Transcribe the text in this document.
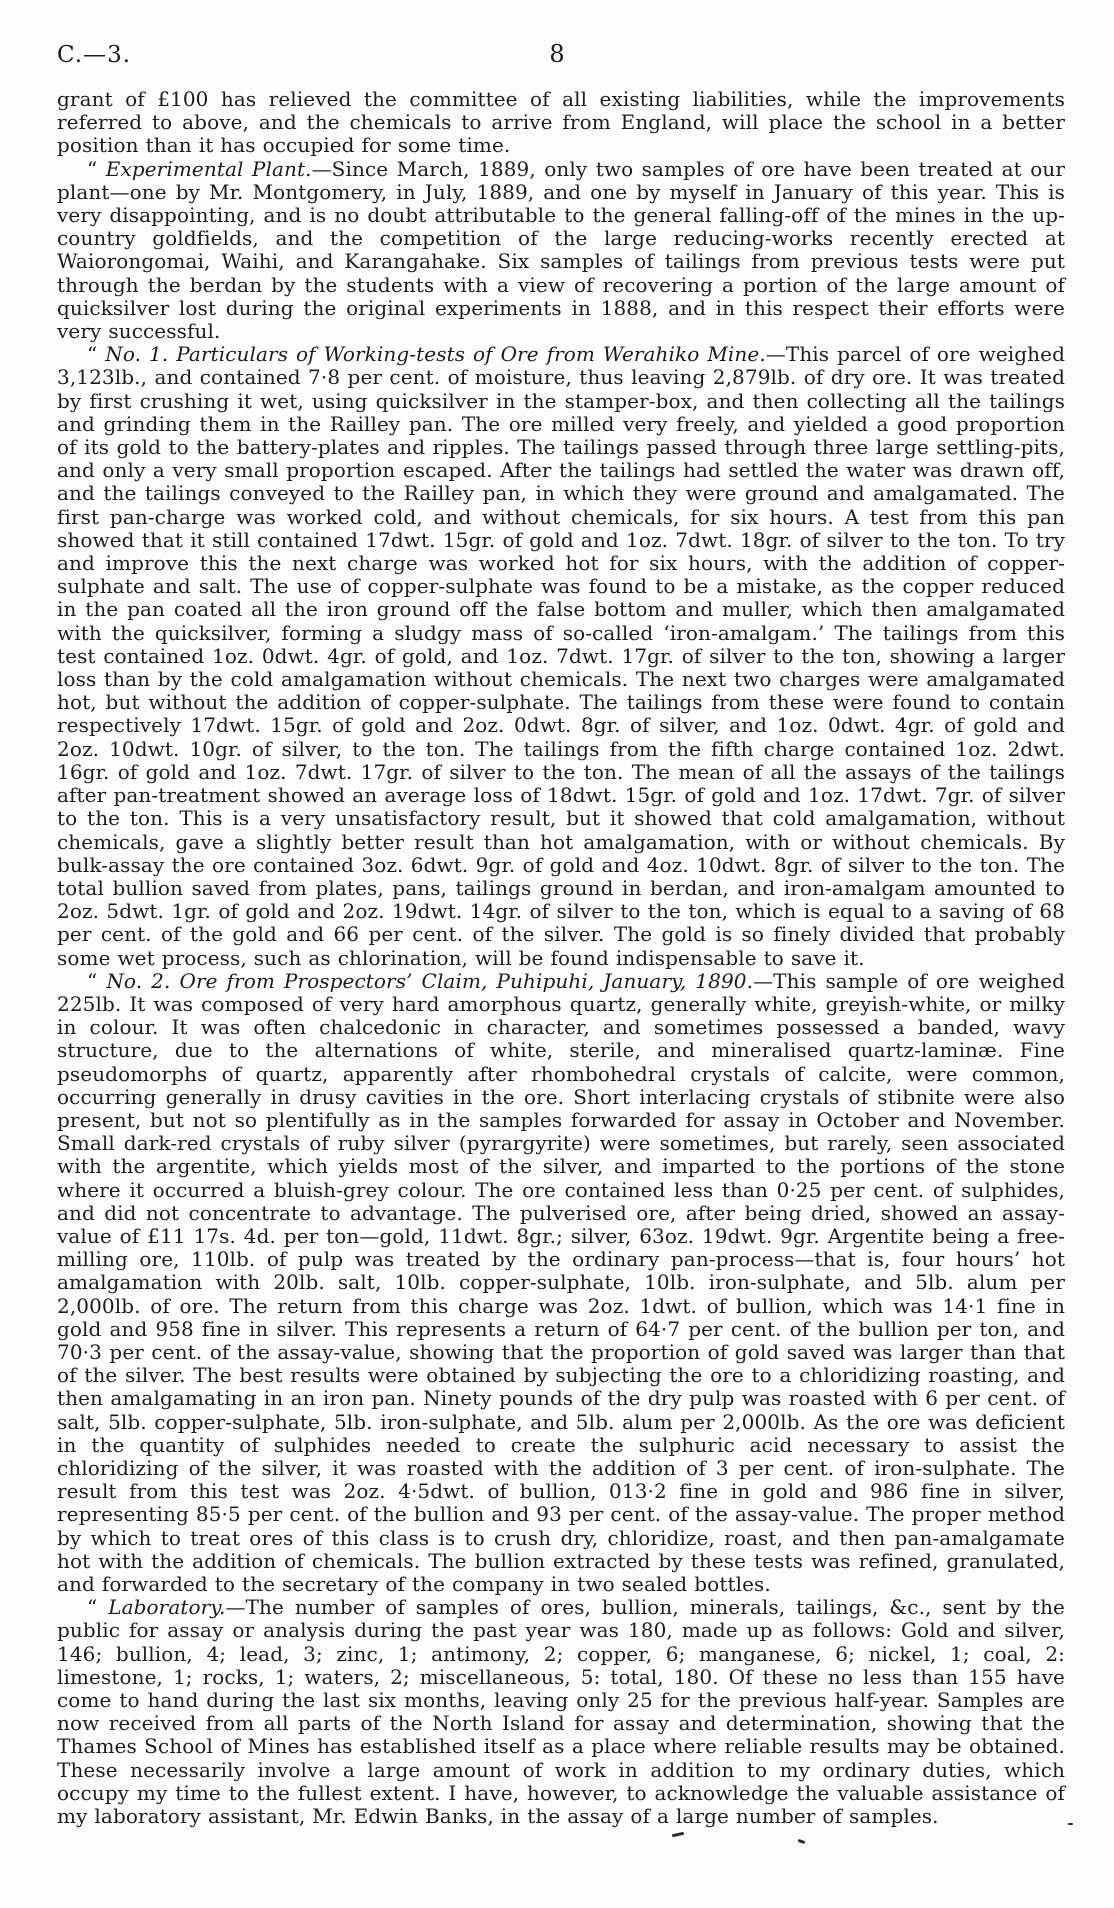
C.—3.	8

grant of £100 has relieved the committee of all existing liabilities, while the improvements referred to above, and the chemicals to arrive from England, will place the school in a better position than it has occupied for some time.

“ Experimental Plant.—Since March, 1889, only two samples of ore have been treated at our plant—one by Mr. Montgomery, in July, 1889, and one by myself in January of this year. This is very disappointing, and is no doubt attributable to the general falling-off of the mines in the up-country goldfields, and the competition of the large reducing-works recently erected at Waiorongomai, Waihi, and Karangahake. Six samples of tailings from previous tests were put through the berdan by the students with a view of recovering a portion of the large amount of quicksilver lost during the original experiments in 1888, and in this respect their efforts were very successful.

“ No. 1. Particulars of Working-tests of Ore from Werahiko Mine.—This parcel of ore weighed 3,123lb., and contained 7·8 per cent. of moisture, thus leaving 2,879lb. of dry ore. It was treated by first crushing it wet, using quicksilver in the stamper-box, and then collecting all the tailings and grinding them in the Railley pan. The ore milled very freely, and yielded a good proportion of its gold to the battery-plates and ripples. The tailings passed through three large settling-pits, and only a very small proportion escaped. After the tailings had settled the water was drawn off, and the tailings conveyed to the Railley pan, in which they were ground and amalgamated. The first pan-charge was worked cold, and without chemicals, for six hours. A test from this pan showed that it still contained 17dwt. 15gr. of gold and 1oz. 7dwt. 18gr. of silver to the ton. To try and improve this the next charge was worked hot for six hours, with the addition of copper-sulphate and salt. The use of copper-sulphate was found to be a mistake, as the copper reduced in the pan coated all the iron ground off the false bottom and muller, which then amalgamated with the quicksilver, forming a sludgy mass of so-called ‘iron-amalgam.’ The tailings from this test contained 1oz. 0dwt. 4gr. of gold, and 1oz. 7dwt. 17gr. of silver to the ton, showing a larger loss than by the cold amalgamation without chemicals. The next two charges were amalgamated hot, but without the addition of copper-sulphate. The tailings from these were found to contain respectively 17dwt. 15gr. of gold and 2oz. 0dwt. 8gr. of silver, and 1oz. 0dwt. 4gr. of gold and 2oz. 10dwt. 10gr. of silver, to the ton. The tailings from the fifth charge contained 1oz. 2dwt. 16gr. of gold and 1oz. 7dwt. 17gr. of silver to the ton. The mean of all the assays of the tailings after pan-treatment showed an average loss of 18dwt. 15gr. of gold and 1oz. 17dwt. 7gr. of silver to the ton. This is a very unsatisfactory result, but it showed that cold amalgamation, without chemicals, gave a slightly better result than hot amalgamation, with or without chemicals. By bulk-assay the ore contained 3oz. 6dwt. 9gr. of gold and 4oz. 10dwt. 8gr. of silver to the ton. The total bullion saved from plates, pans, tailings ground in berdan, and iron-amalgam amounted to 2oz. 5dwt. 1gr. of gold and 2oz. 19dwt. 14gr. of silver to the ton, which is equal to a saving of 68 per cent. of the gold and 66 per cent. of the silver. The gold is so finely divided that probably some wet process, such as chlorination, will be found indispensable to save it.

“ No. 2. Ore from Prospectors’ Claim, Puhipuhi, January, 1890.—This sample of ore weighed 225lb. It was composed of very hard amorphous quartz, generally white, greyish-white, or milky in colour. It was often chalcedonic in character, and sometimes possessed a banded, wavy structure, due to the alternations of white, sterile, and mineralised quartz-laminæ. Fine pseudomorphs of quartz, apparently after rhombohedral crystals of calcite, were common, occurring generally in drusy cavities in the ore. Short interlacing crystals of stibnite were also present, but not so plentifully as in the samples forwarded for assay in October and November. Small dark-red crystals of ruby silver (pyrargyrite) were sometimes, but rarely, seen associated with the argentite, which yields most of the silver, and imparted to the portions of the stone where it occurred a bluish-grey colour. The ore contained less than 0·25 per cent. of sulphides, and did not concentrate to advantage. The pulverised ore, after being dried, showed an assay-value of £11 17s. 4d. per ton—gold, 11dwt. 8gr.; silver, 63oz. 19dwt. 9gr. Argentite being a free-milling ore, 110lb. of pulp was treated by the ordinary pan-process—that is, four hours’ hot amalgamation with 20lb. salt, 10lb. copper-sulphate, 10lb. iron-sulphate, and 5lb. alum per 2,000lb. of ore. The return from this charge was 2oz. 1dwt. of bullion, which was 14·1 fine in gold and 958 fine in silver. This represents a return of 64·7 per cent. of the bullion per ton, and 70·3 per cent. of the assay-value, showing that the proportion of gold saved was larger than that of the silver. The best results were obtained by subjecting the ore to a chloridizing roasting, and then amalgamating in an iron pan. Ninety pounds of the dry pulp was roasted with 6 per cent. of salt, 5lb. copper-sulphate, 5lb. iron-sulphate, and 5lb. alum per 2,000lb. As the ore was deficient in the quantity of sulphides needed to create the sulphuric acid necessary to assist the chloridizing of the silver, it was roasted with the addition of 3 per cent. of iron-sulphate. The result from this test was 2oz. 4·5dwt. of bullion, 013·2 fine in gold and 986 fine in silver, representing 85·5 per cent. of the bullion and 93 per cent. of the assay-value. The proper method by which to treat ores of this class is to crush dry, chloridize, roast, and then pan-amalgamate hot with the addition of chemicals. The bullion extracted by these tests was refined, granulated, and forwarded to the secretary of the company in two sealed bottles.

“ Laboratory.—The number of samples of ores, bullion, minerals, tailings, &c., sent by the public for assay or analysis during the past year was 180, made up as follows: Gold and silver, 146; bullion, 4; lead, 3; zinc, 1; antimony, 2; copper, 6; manganese, 6; nickel, 1; coal, 2: limestone, 1; rocks, 1; waters, 2; miscellaneous, 5: total, 180. Of these no less than 155 have come to hand during the last six months, leaving only 25 for the previous half-year. Samples are now received from all parts of the North Island for assay and determination, showing that the Thames School of Mines has established itself as a place where reliable results may be obtained. These necessarily involve a large amount of work in addition to my ordinary duties, which occupy my time to the fullest extent. I have, however, to acknowledge the valuable assistance of my laboratory assistant, Mr. Edwin Banks, in the assay of a large number of samples.
